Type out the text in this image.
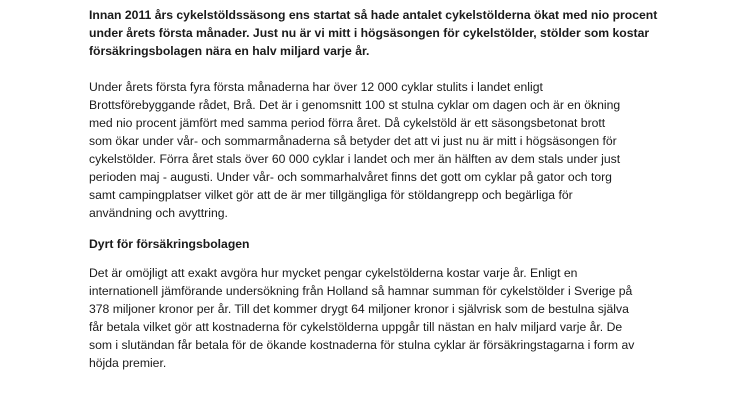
Innan 2011 års cykelstöldssäsong ens startat så hade antalet cykelstölderna ökat med nio procent
under årets första månader. Just nu är vi mitt i högsäsongen för cykelstölder, stölder som kostar
försäkringsbolagen nära en halv miljard varje år.

Under årets första fyra första månaderna har över 12 000 cyklar stulits i landet enligt
Brottsförebyggande rådet, Brå. Det är i genomsnitt 100 st stulna cyklar om dagen och är en ökning
med nio procent jämfört med samma period förra året. Då cykelstöld är ett säsongsbetonat brott
som ökar under vår- och sommarmånaderna så betyder det att vi just nu är mitt i högsäsongen för
cykelstölder. Förra året stals över 60 000 cyklar i landet och mer än hälften av dem stals under just
perioden maj - augusti. Under vår- och sommarhalvåret finns det gott om cyklar på gator och torg
samt campingplatser vilket gör att de är mer tillgängliga för stöldangrepp och begärliga för
användning och avyttring.

Dyrt för försäkringsbolagen

Det är omöjligt att exakt avgöra hur mycket pengar cykelstölderna kostar varje år. Enligt en
internationell jämförande undersökning från Holland så hamnar summan för cykelstölder i Sverige på
378 miljoner kronor per år. Till det kommer drygt 64 miljoner kronor i självrisk som de bestulna själva
får betala vilket gör att kostnaderna för cykelstölderna uppgår till nästan en halv miljard varje år. De
som i slutändan får betala för de ökande kostnaderna för stulna cyklar är försäkringstagarna i form av
höjda premier.
